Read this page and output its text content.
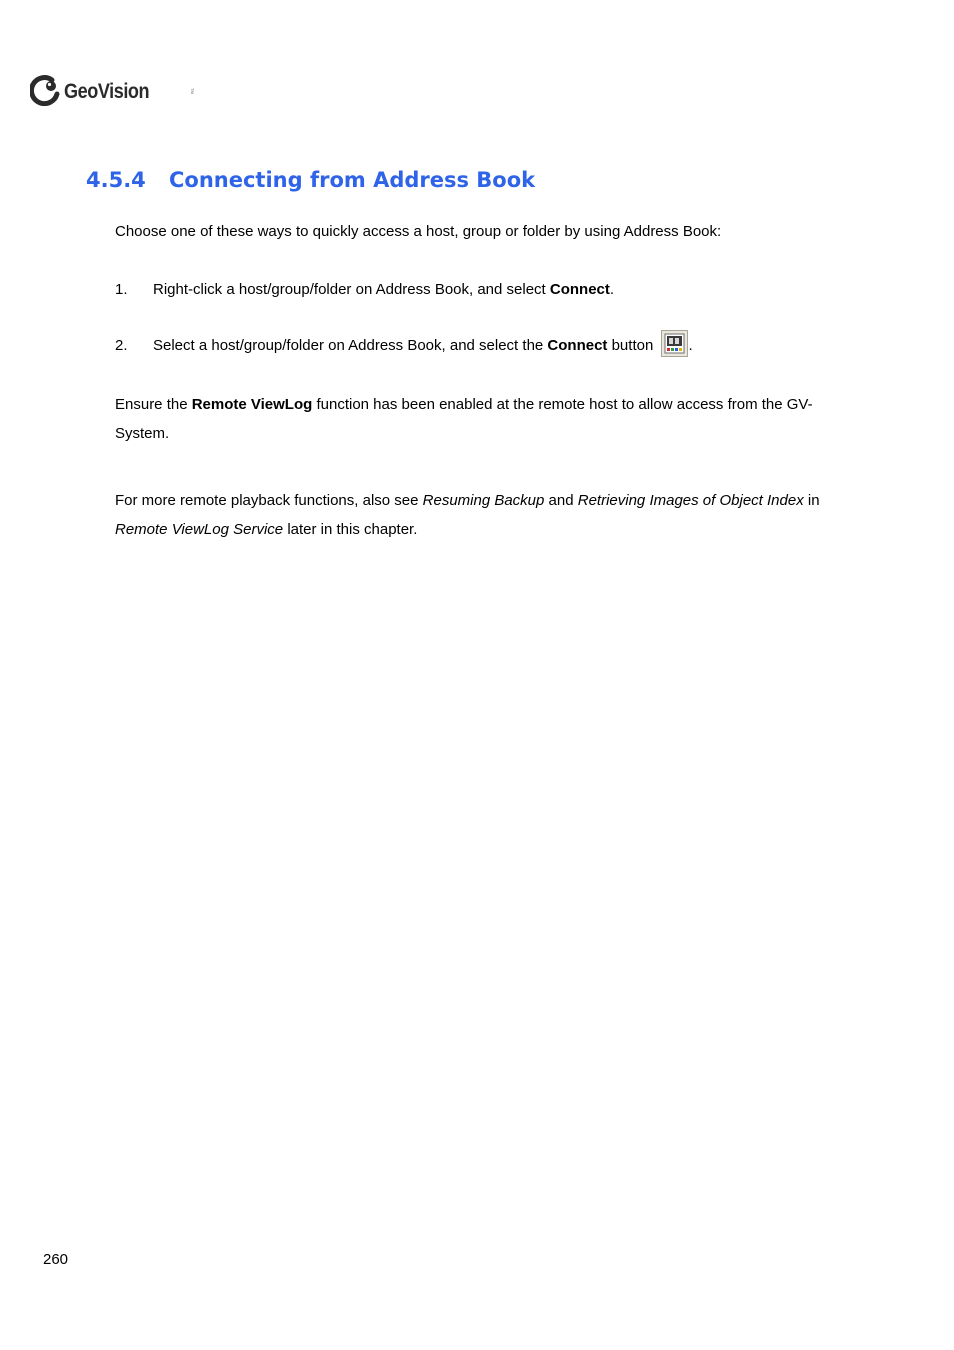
GeoVision	TM
4.5.4 Connecting from Address Book

Choose one of these ways to quickly access a host, group or folder by using Address Book:

1. Right-click a host/group/folder on Address Book, and select Connect.

2. Select a host/group/folder on Address Book, and select the Connect button .

Ensure the Remote ViewLog function has been enabled at the remote host to allow access from the GV-System.

For more remote playback functions, also see Resuming Backup and Retrieving Images of Object Index in Remote ViewLog Service later in this chapter.

260
